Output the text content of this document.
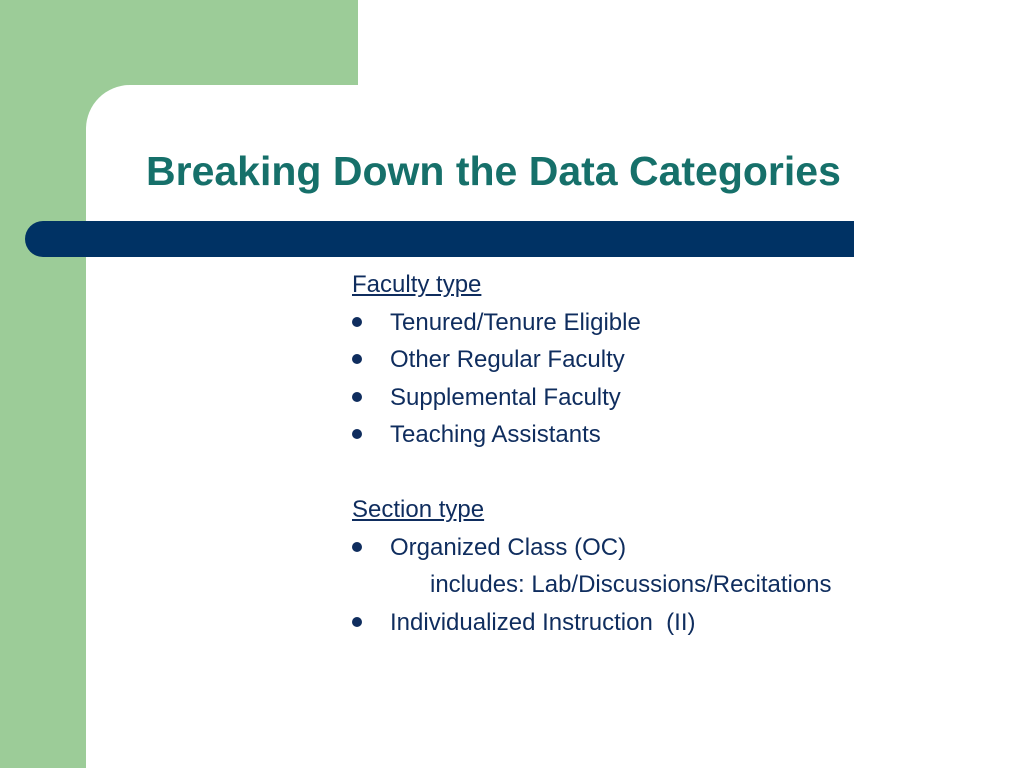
Breaking Down the Data Categories
Faculty type
Tenured/Tenure Eligible
Other Regular Faculty
Supplemental Faculty
Teaching Assistants
Section type
Organized Class (OC)
includes: Lab/Discussions/Recitations
Individualized Instruction  (II)
